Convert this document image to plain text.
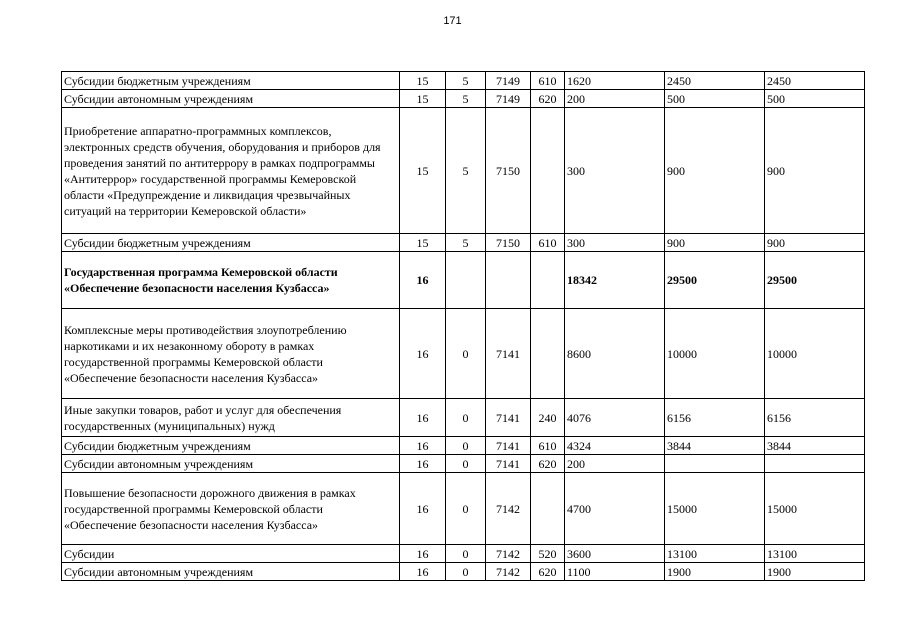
171
Субсидии бюджетным учреждениям	15	5	7149	610	1620	2450	2450
Субсидии автономным учреждениям	15	5	7149	620	200	500	500
Приобретение аппаратно-программных комплексов, электронных средств обучения, оборудования и приборов для проведения занятий по антитеррору в рамках подпрограммы «Антитеррор» государственной программы Кемеровской области «Предупреждение и ликвидация чрезвычайных ситуаций на территории Кемеровской области»	15	5	7150		300	900	900
Субсидии бюджетным учреждениям	15	5	7150	610	300	900	900
Государственная программа Кемеровской области «Обеспечение безопасности населения Кузбасса»	16				18342	29500	29500
Комплексные меры противодействия злоупотреблению наркотиками и их незаконному обороту в рамках государственной программы Кемеровской области «Обеспечение безопасности населения Кузбасса»	16	0	7141		8600	10000	10000
Иные закупки товаров, работ и услуг для обеспечения государственных (муниципальных) нужд	16	0	7141	240	4076	6156	6156
Субсидии бюджетным учреждениям	16	0	7141	610	4324	3844	3844
Субсидии автономным учреждениям	16	0	7141	620	200		
Повышение безопасности дорожного движения в рамках государственной программы Кемеровской области «Обеспечение безопасности населения Кузбасса»	16	0	7142		4700	15000	15000
Субсидии	16	0	7142	520	3600	13100	13100
Субсидии автономным учреждениям	16	0	7142	620	1100	1900	1900
